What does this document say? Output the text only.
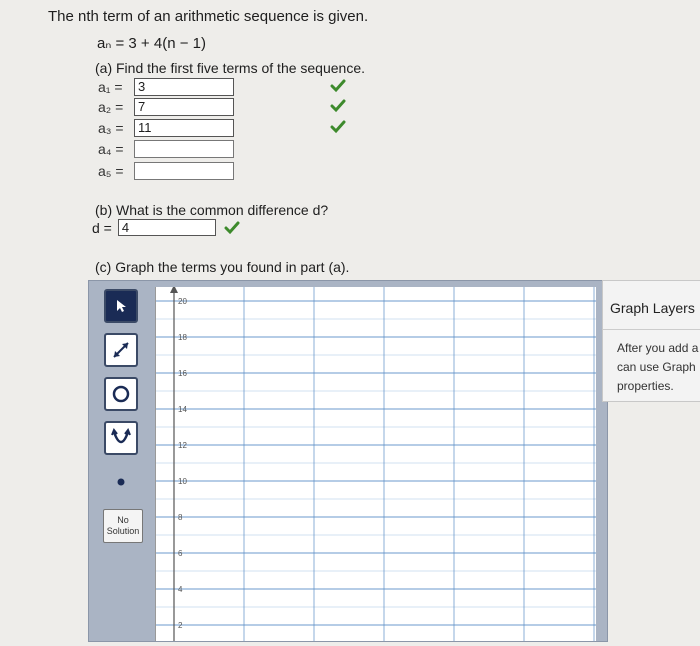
The nth term of an arithmetic sequence is given.
aₙ = 3 + 4(n − 1)
(a) Find the first five terms of the sequence.
a₁ =	3
a₂ =	7
a₃ =	11
a₄ =
a₅ =
(b) What is the common difference d?
d = 4
(c) Graph the terms you found in part (a).
No Solution
20
18
16
14
12
10
8
6
4
2
Graph Layers
After you add a
can use Graph
properties.
